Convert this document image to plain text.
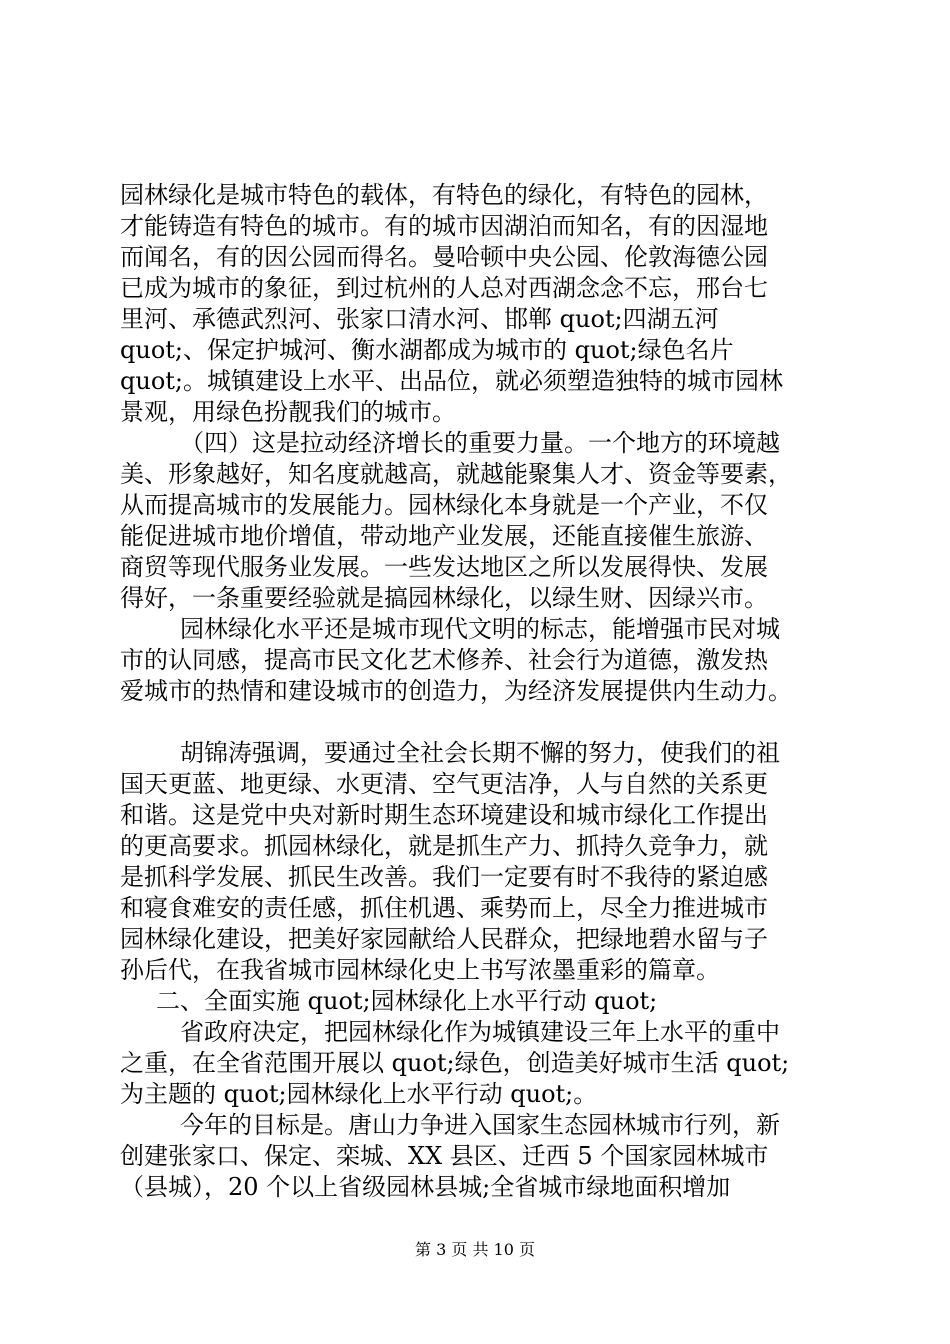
园林绿化是城市特色的载体，有特色的绿化，有特色的园林，
才能铸造有特色的城市。有的城市因湖泊而知名，有的因湿地
而闻名，有的因公园而得名。曼哈顿中央公园、伦敦海德公园
已成为城市的象征，到过杭州的人总对西湖念念不忘，邢台七
里河、承德武烈河、张家口清水河、邯郸 quot;四湖五河
quot;、保定护城河、衡水湖都成为城市的 quot;绿色名片
quot;。城镇建设上水平、出品位，就必须塑造独特的城市园林
景观，用绿色扮靓我们的城市。
（四）这是拉动经济增长的重要力量。一个地方的环境越
美、形象越好，知名度就越高，就越能聚集人才、资金等要素，
从而提高城市的发展能力。园林绿化本身就是一个产业，不仅
能促进城市地价增值，带动地产业发展，还能直接催生旅游、
商贸等现代服务业发展。一些发达地区之所以发展得快、发展
得好，一条重要经验就是搞园林绿化，以绿生财、因绿兴市。
园林绿化水平还是城市现代文明的标志，能增强市民对城
市的认同感，提高市民文化艺术修养、社会行为道德，激发热
爱城市的热情和建设城市的创造力，为经济发展提供内生动力。
胡锦涛强调，要通过全社会长期不懈的努力，使我们的祖
国天更蓝、地更绿、水更清、空气更洁净，人与自然的关系更
和谐。这是党中央对新时期生态环境建设和城市绿化工作提出
的更高要求。抓园林绿化，就是抓生产力、抓持久竞争力，就
是抓科学发展、抓民生改善。我们一定要有时不我待的紧迫感
和寝食难安的责任感，抓住机遇、乘势而上，尽全力推进城市
园林绿化建设，把美好家园献给人民群众，把绿地碧水留与子
孙后代，在我省城市园林绿化史上书写浓墨重彩的篇章。
二、全面实施 quot;园林绿化上水平行动 quot;
省政府决定，把园林绿化作为城镇建设三年上水平的重中
之重，在全省范围开展以 quot;绿色，创造美好城市生活 quot;
为主题的 quot;园林绿化上水平行动 quot;。
今年的目标是。唐山力争进入国家生态园林城市行列，新
创建张家口、保定、栾城、XX 县区、迁西 5 个国家园林城市
（县城），20 个以上省级园林县城;全省城市绿地面积增加
第 3 页 共 10 页
